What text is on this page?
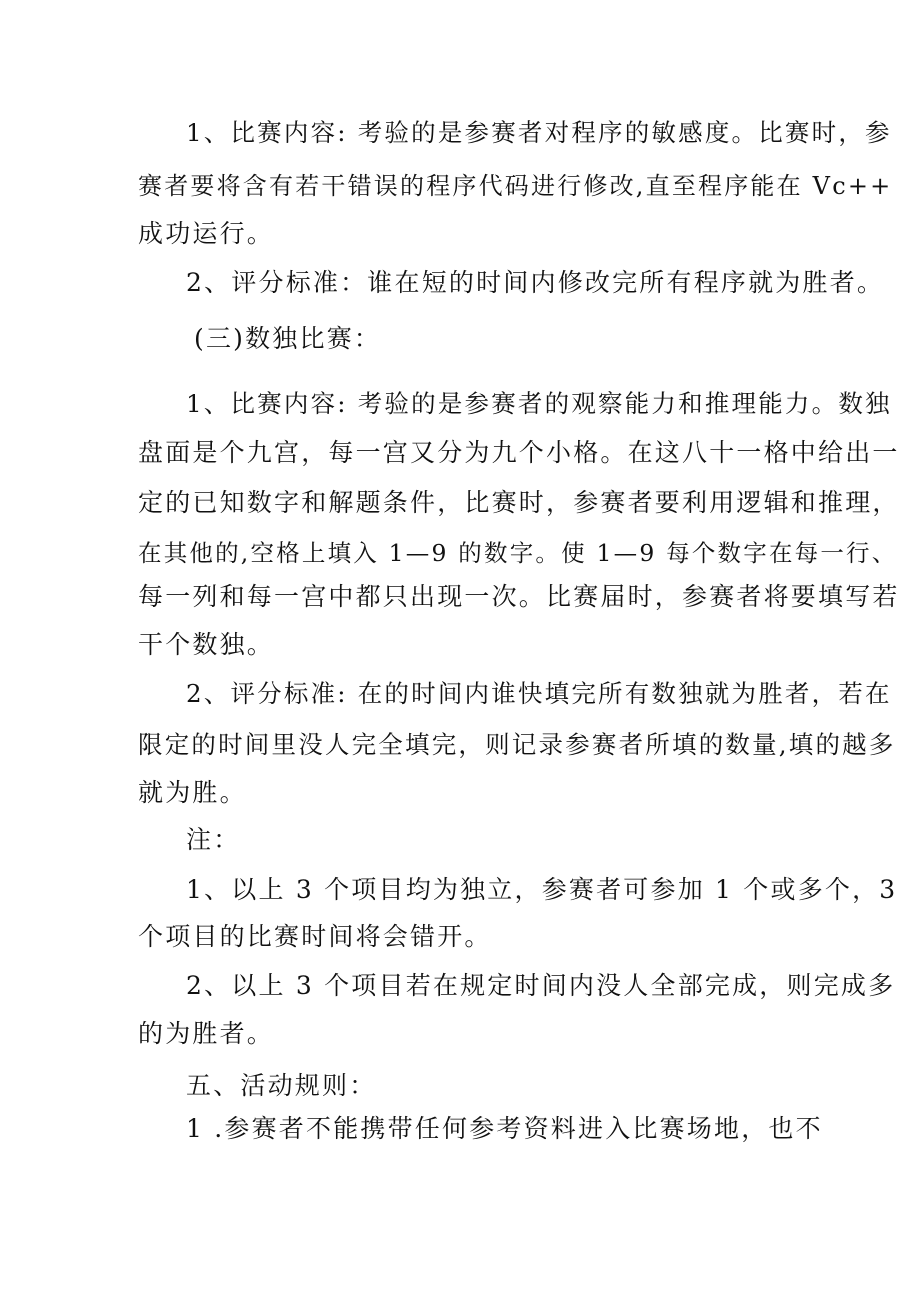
1、比赛内容: 考验的是参赛者对程序的敏感度。比赛时，参
赛者要将含有若干错误的程序代码进行修改,直至程序能在 Vc++
成功运行。
2、评分标准：谁在短的时间内修改完所有程序就为胜者。
(三)数独比赛：
1、比赛内容: 考验的是参赛者的观察能力和推理能力。数独
盘面是个九宫，每一宫又分为九个小格。在这八十一格中给出一
定的已知数字和解题条件，比赛时，参赛者要利用逻辑和推理，
在其他的,空格上填入 1—9 的数字。使 1—9 每个数字在每一行、
每一列和每一宫中都只出现一次。比赛届时，参赛者将要填写若
干个数独。
2、评分标准: 在的时间内谁快填完所有数独就为胜者，若在
限定的时间里没人完全填完，则记录参赛者所填的数量,填的越多
就为胜。
注：
1、以上 3 个项目均为独立，参赛者可参加 1 个或多个，3
个项目的比赛时间将会错开。
2、以上 3 个项目若在规定时间内没人全部完成，则完成多
的为胜者。
五、活动规则：
1 .参赛者不能携带任何参考资料进入比赛场地，也不
